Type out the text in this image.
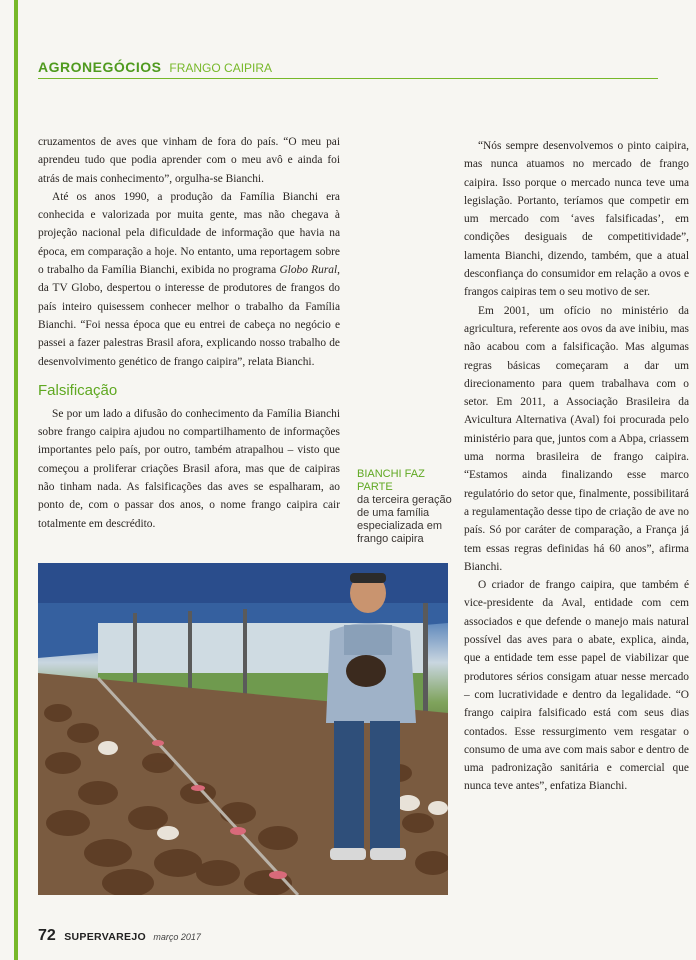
AGRONEGÓCIOS FRANGO CAIPIRA

cruzamentos de aves que vinham de fora do país. “O meu pai aprendeu tudo que podia aprender com o meu avô e ainda foi atrás de mais conhecimento”, orgulha-se Bianchi.

Até os anos 1990, a produção da Família Bianchi era conhecida e valorizada por muita gente, mas não chegava à projeção nacional pela dificuldade de informação que havia na época, em comparação a hoje. No entanto, uma reportagem sobre o trabalho da Família Bianchi, exibida no programa Globo Rural, da TV Globo, despertou o interesse de produtores de frangos do país inteiro quisessem conhecer melhor o trabalho da Família Bianchi. “Foi nessa época que eu entrei de cabeça no negócio e passei a fazer palestras Brasil afora, explicando nosso trabalho de desenvolvimento genético de frango caipira”, relata Bianchi.

Falsificação

Se por um lado a difusão do conhecimento da Família Bianchi sobre frango caipira ajudou no compartilhamento de informações importantes pelo país, por outro, também atrapalhou – visto que começou a proliferar criações Brasil afora, mas que de caipiras não tinham nada. As falsificações das aves se espalharam, ao ponto de, com o passar dos anos, o nome frango caipira cair totalmente em descrédito.

BIANCHI FAZ PARTE
da terceira geração de uma família especializada em frango caipira

“Nós sempre desenvolvemos o pinto caipira, mas nunca atuamos no mercado de frango caipira. Isso porque o mercado nunca teve uma legislação. Portanto, teríamos que competir em um mercado com ‘aves falsificadas’, em condições desiguais de competitividade”, lamenta Bianchi, dizendo, também, que a atual desconfiança do consumidor em relação a ovos e frangos caipiras tem o seu motivo de ser.

Em 2001, um ofício no ministério da agricultura, referente aos ovos da ave inibiu, mas não acabou com a falsificação. Mas algumas regras básicas começaram a dar um direcionamento para quem trabalhava com o setor. Em 2011, a Associação Brasileira da Avicultura Alternativa (Aval) foi procurada pelo ministério para que, juntos com a Abpa, criassem uma norma brasileira de frango caipira. “Estamos ainda finalizando esse marco regulatório do setor que, finalmente, possibilitará a regulamentação desse tipo de criação de ave no país. Só por caráter de comparação, a França já tem essas regras definidas há 60 anos”, afirma Bianchi.

O criador de frango caipira, que também é vice-presidente da Aval, entidade com cem associados e que defende o manejo mais natural possível das aves para o abate, explica, ainda, que a entidade tem esse papel de viabilizar que produtores sérios consigam atuar nesse mercado – com lucratividade e dentro da legalidade. “O frango caipira falsificado está com seus dias contados. Esse ressurgimento vem resgatar o consumo de uma ave com mais sabor e dentro de uma padronização sanitária e comercial que nunca teve antes”, enfatiza Bianchi.

72 SUPERVAREJO março 2017
